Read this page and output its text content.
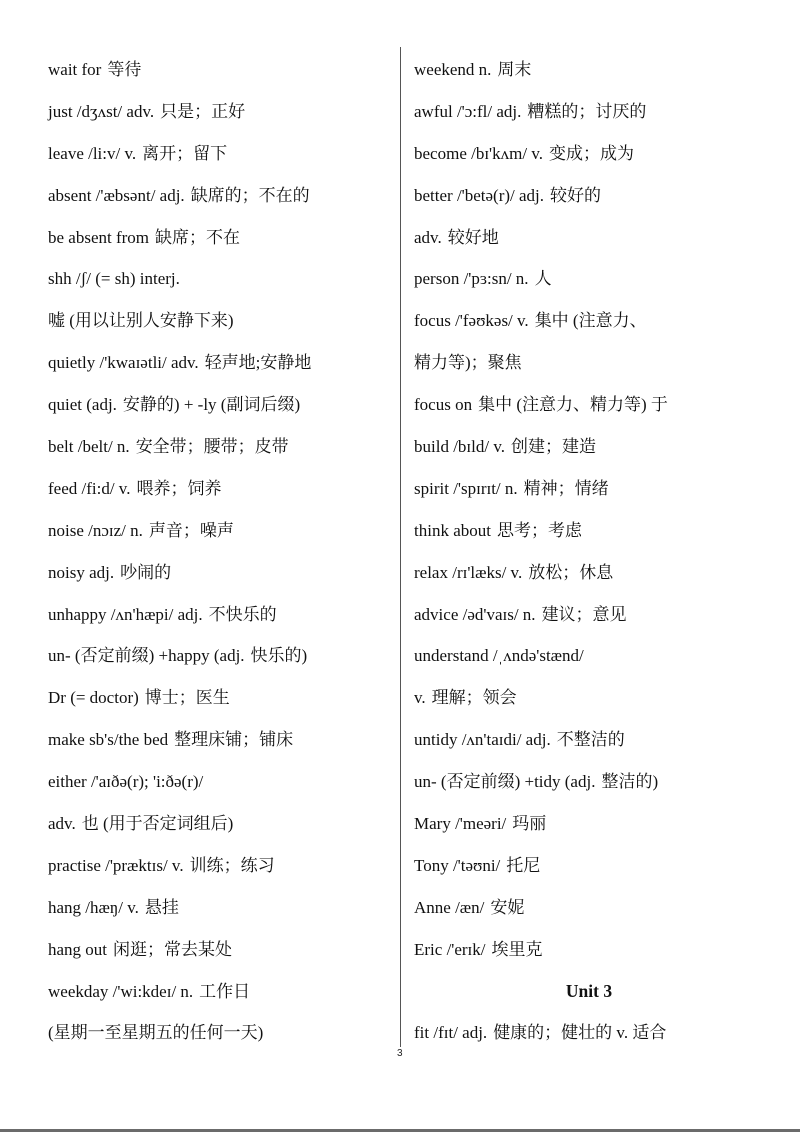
wait for 等待
just /dʒʌst/ adv. 只是；正好
leave /li:v/ v. 离开；留下
absent /'æbsənt/ adj. 缺席的；不在的
be absent from 缺席；不在
shh /ʃ/ (= sh) interj.
嘘 (用以让别人安静下来)
quietly /'kwaɪətli/ adv. 轻声地;安静地
quiet (adj. 安静的) + -ly (副词后缀)
belt /belt/ n. 安全带；腰带；皮带
feed /fi:d/ v. 喂养；饲养
noise /nɔɪz/ n. 声音；噪声
noisy adj. 吵闹的
unhappy /ʌn'hæpi/ adj. 不快乐的
un- (否定前缀) +happy (adj. 快乐的)
Dr (= doctor) 博士；医生
make sb's/the bed 整理床铺；铺床
either /'aɪðə(r); 'i:ðə(r)/
adv. 也 (用于否定词组后)
practise /'præktɪs/ v. 训练；练习
hang /hæŋ/ v. 悬挂
hang out 闲逛；常去某处
weekday /'wi:kdeɪ/ n. 工作日
(星期一至星期五的任何一天)
weekend n. 周末
awful /'ɔ:fl/ adj. 糟糕的；讨厌的
become /bɪ'kʌm/ v. 变成；成为
better /'betə(r)/ adj. 较好的
adv. 较好地
person /'pɜ:sn/ n. 人
focus /'fəʊkəs/ v. 集中 (注意力、
精力等)；聚焦
focus on 集中 (注意力、精力等) 于
build /bɪld/ v. 创建；建造
spirit /'spɪrɪt/ n. 精神；情绪
think about 思考；考虑
relax /rɪ'læks/ v. 放松；休息
advice /əd'vaɪs/ n. 建议；意见
understand /ˌʌndə'stænd/
v. 理解；领会
untidy /ʌn'taɪdi/ adj. 不整洁的
un- (否定前缀) +tidy (adj. 整洁的)
Mary /'meəri/ 玛丽
Tony /'təʊni/ 托尼
Anne /æn/ 安妮
Eric /'erɪk/ 埃里克
Unit 3
fit /fɪt/ adj. 健康的；健壮的 v. 适合
3
